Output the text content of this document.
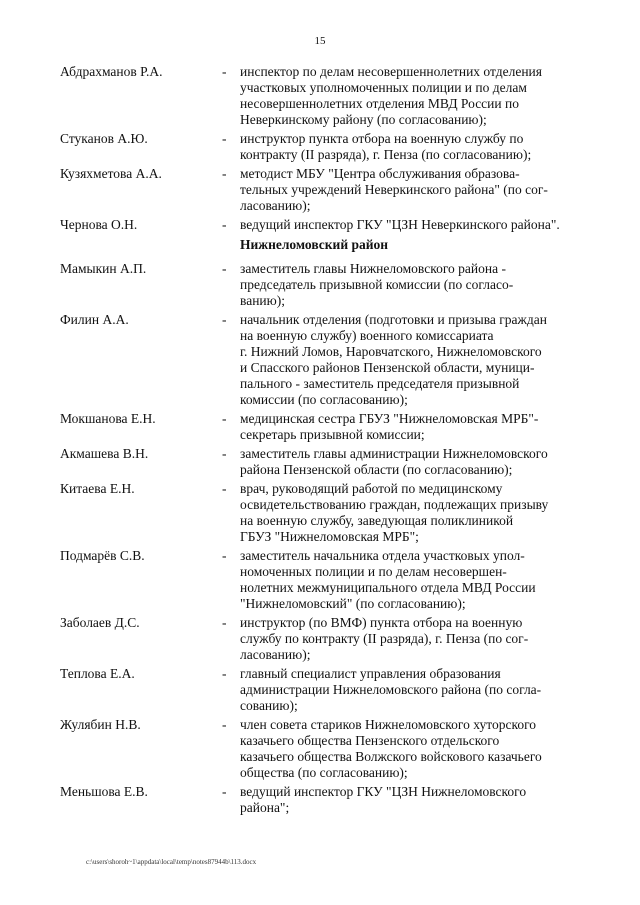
15
Абдрахманов Р.А.	-	инспектор по делам несовершеннолетних отделения
участковых уполномоченных полиции и по делам
несовершеннолетних отделения МВД России по
Неверкинскому району (по согласованию);
Стуканов А.Ю.	-	инструктор пункта отбора на военную службу по
контракту (II разряда), г. Пенза (по согласованию);
Кузяхметова А.А.	-	методист МБУ "Центра обслуживания образова-
тельных учреждений Неверкинского района" (по сог-
ласованию);
Чернова О.Н.	-	ведущий инспектор ГКУ "ЦЗН Неверкинского района".
Нижнеломовский район
Мамыкин А.П.	-	заместитель главы Нижнеломовского района -
председатель призывной комиссии (по согласо-
ванию);
Филин А.А.	-	начальник отделения (подготовки и призыва граждан
на военную службу) военного комиссариата
г. Нижний Ломов, Наровчатского, Нижнеломовского
и Спасского районов Пензенской области, муници-
пального - заместитель председателя призывной
комиссии (по согласованию);
Мокшанова Е.Н.	-	медицинская сестра ГБУЗ "Нижнеломовская МРБ"-
секретарь призывной комиссии;
Акмашева В.Н.	-	заместитель главы администрации Нижнеломовского
района Пензенской области (по согласованию);
Китаева Е.Н.	-	врач, руководящий работой по медицинскому
освидетельствованию граждан, подлежащих призыву
на военную службу, заведующая поликлиникой
ГБУЗ "Нижнеломовская МРБ";
Подмарёв С.В.	-	заместитель начальника отдела участковых упол-
номоченных полиции и по делам несовершен-
нолетних межмуниципального отдела МВД России
"Нижнеломовский" (по согласованию);
Заболаев Д.С.	-	инструктор (по ВМФ) пункта отбора на военную
службу по контракту (II разряда), г. Пенза (по сог-
ласованию);
Теплова Е.А.	-	главный специалист управления образования
администрации Нижнеломовского района (по согла-
сованию);
Жулябин Н.В.	-	член совета стариков Нижнеломовского хуторского
казачьего общества Пензенского отдельского
казачьего общества Волжского войскового казачьего
общества (по согласованию);
Меньшова Е.В.	-	ведущий инспектор ГКУ "ЦЗН Нижнеломовского
района";
c:\users\shoroh~1\appdata\local\temp\notes87944b\113.docx
